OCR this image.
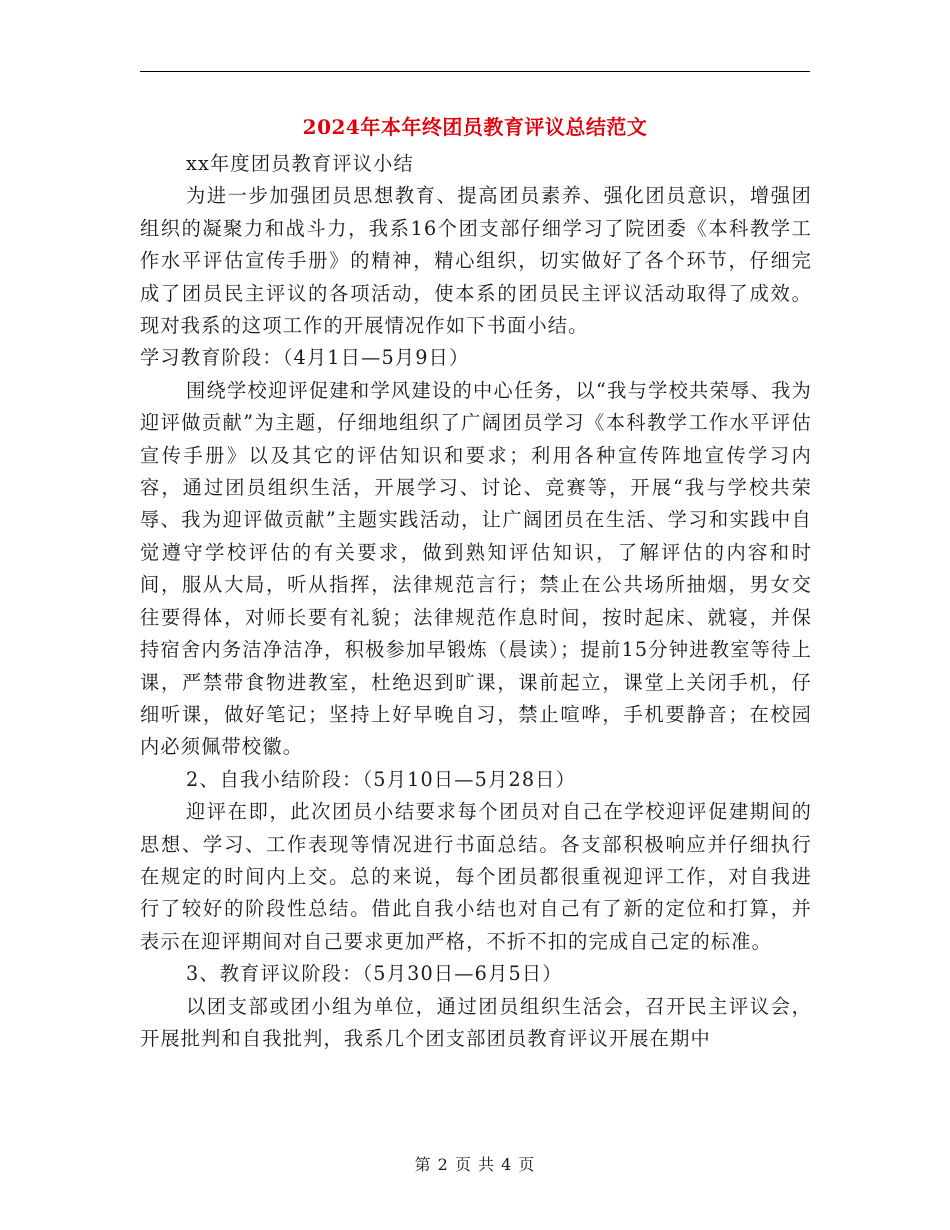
2024年本年终团员教育评议总结范文

xx年度团员教育评议小结

为进一步加强团员思想教育、提高团员素养、强化团员意识，增强团组织的凝聚力和战斗力，我系16个团支部仔细学习了院团委《本科教学工作水平评估宣传手册》的精神，精心组织，切实做好了各个环节，仔细完成了团员民主评议的各项活动，使本系的团员民主评议活动取得了成效。现对我系的这项工作的开展情况作如下书面小结。

学习教育阶段：（4月1日—5月9日）

围绕学校迎评促建和学风建设的中心任务，以“我与学校共荣辱、我为迎评做贡献”为主题，仔细地组织了广阔团员学习《本科教学工作水平评估宣传手册》以及其它的评估知识和要求；利用各种宣传阵地宣传学习内容，通过团员组织生活，开展学习、讨论、竞赛等，开展“我与学校共荣辱、我为迎评做贡献”主题实践活动，让广阔团员在生活、学习和实践中自觉遵守学校评估的有关要求，做到熟知评估知识，了解评估的内容和时间，服从大局，听从指挥，法律规范言行；禁止在公共场所抽烟，男女交往要得体，对师长要有礼貌；法律规范作息时间，按时起床、就寝，并保持宿舍内务洁净洁净，积极参加早锻炼（晨读）；提前15分钟进教室等待上课，严禁带食物进教室，杜绝迟到旷课，课前起立，课堂上关闭手机，仔细听课，做好笔记；坚持上好早晚自习，禁止喧哗，手机要静音；在校园内必须佩带校徽。

2、自我小结阶段：（5月10日—5月28日）

迎评在即，此次团员小结要求每个团员对自己在学校迎评促建期间的思想、学习、工作表现等情况进行书面总结。各支部积极响应并仔细执行在规定的时间内上交。总的来说，每个团员都很重视迎评工作，对自我进行了较好的阶段性总结。借此自我小结也对自己有了新的定位和打算，并表示在迎评期间对自己要求更加严格，不折不扣的完成自己定的标准。

3、教育评议阶段：（5月30日—6月5日）

以团支部或团小组为单位，通过团员组织生活会，召开民主评议会，开展批判和自我批判，我系几个团支部团员教育评议开展在期中

第 2 页 共 4 页
